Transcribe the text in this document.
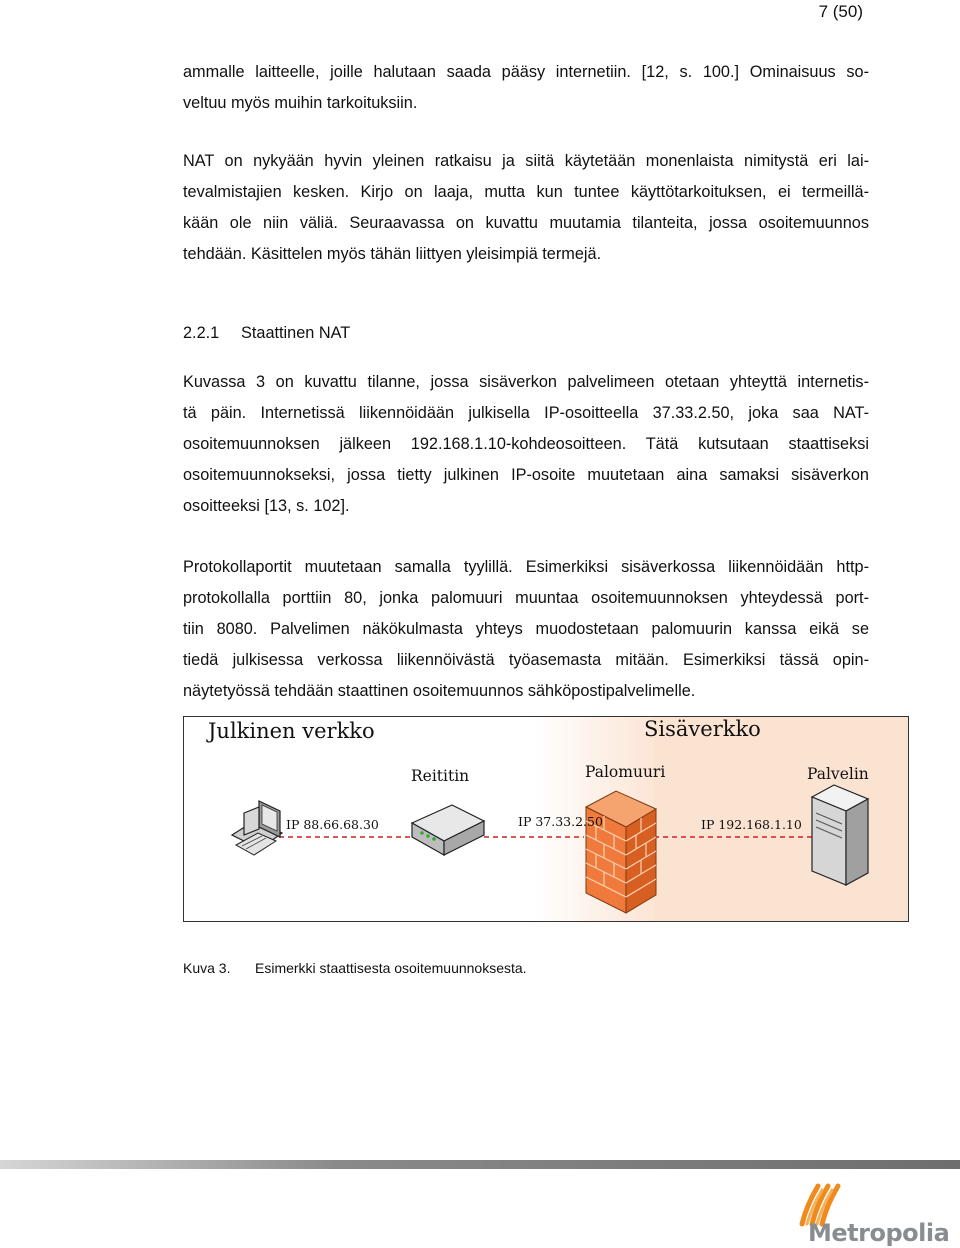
7 (50)

ammalle laitteelle, joille halutaan saada pääsy internetiin. [12, s. 100.] Ominaisuus so-
veltuu myös muihin tarkoituksiin.

NAT on nykyään hyvin yleinen ratkaisu ja siitä käytetään monenlaista nimitystä eri lai-
tevalmistajien kesken. Kirjo on laaja, mutta kun tuntee käyttötarkoituksen, ei termeillä-
kään ole niin väliä. Seuraavassa on kuvattu muutamia tilanteita, jossa osoitemuunnos
tehdään. Käsittelen myös tähän liittyen yleisimpiä termejä.

Kuvassa 3 on kuvattu tilanne, jossa sisäverkon palvelimeen otetaan yhteyttä internetis-
tä päin. Internetissä liikennöidään julkisella IP-osoitteella 37.33.2.50, joka saa NAT-
osoitemuunnoksen jälkeen 192.168.1.10-kohdeosoitteen. Tätä kutsutaan staattiseksi
osoitemuunnokseksi, jossa tietty julkinen IP-osoite muutetaan aina samaksi sisäverkon
osoitteeksi [13, s. 102].

Protokollaportit muutetaan samalla tyylillä. Esimerkiksi sisäverkossa liikennöidään http-
protokollalla porttiin 80, jonka palomuuri muuntaa osoitemuunnoksen yhteydessä port-
tiin 8080. Palvelimen näkökulmasta yhteys muodostetaan palomuurin kanssa eikä se
tiedä julkisessa verkossa liikennöivästä työasemasta mitään. Esimerkiksi tässä opin-
näytetyössä tehdään staattinen osoitemuunnos sähköpostipalvelimelle.

2.2.1 Staattinen NAT
Julkinen verkko	Sisäverkko
Reititin	Palomuuri	Palvelin
IP 88.66.68.30	IP 37.33.2.50	IP 192.168.1.10

Kuva 3. Esimerkki staattisesta osoitemuunnoksesta.

Metropolia
